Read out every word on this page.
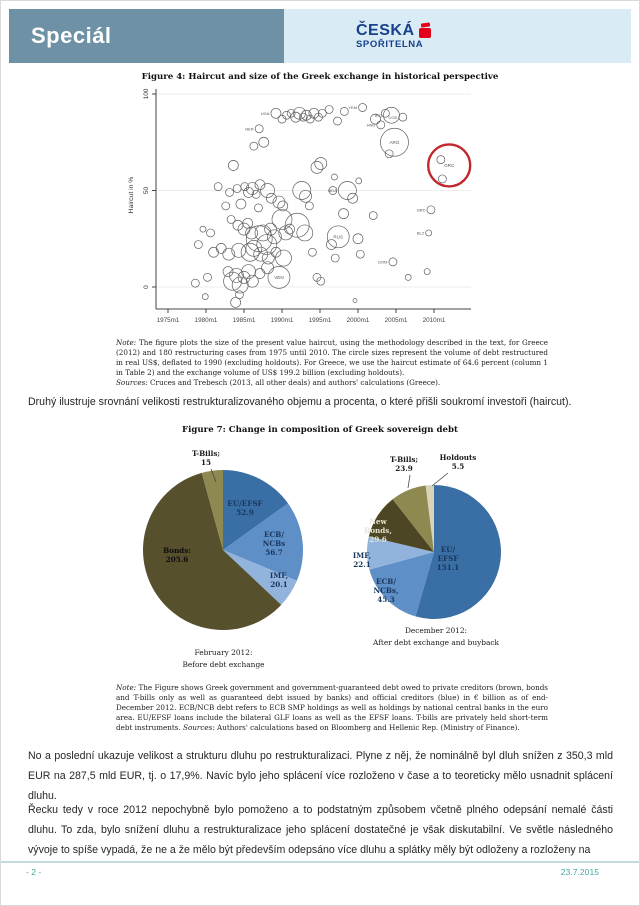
Speciál	ČESKÁ
SPOŘITELNA
Figure 4: Haircut and size of the Greek exchange in historical perspective
0
50
100
1975m1 1980m1 1985m1 1990m1 1995m1 2000m1 2005m1 2010m1
Haircut in %
NER
UGA
VEN
RUS
MDA
YEM
HND
IRQ
DOM
ARG
COD
BLZ
GRD
GRC
Note: The figure plots the size of the present value haircut, using the methodology described in the text, for Greece (2012) and 180 restructuring cases from 1975 until 2010. The circle sizes represent the volume of debt restructured in real US$, deflated to 1990 (excluding holdouts). For Greece, we use the haircut estimate of 64.6 percent (column 1 in Table 2) and the exchange volume of US$ 199.2 billion (excluding holdouts).
Sources: Cruces and Trebesch (2013, all other deals) and authors' calculations (Greece).
Druhý ilustruje srovnání velikosti restrukturalizovaného objemu a procenta, o které přišli soukromí investoři (haircut).
Figure 7: Change in composition of Greek sovereign debt
EU/EFSF
52.9
ECB/
NCBs
56.7
IMF,
20.1
Bonds:
205.6
T-Bills;
15
EU/
EFSF
151.1
ECB/
NCBs,
45.3
IMF,
22.1
New
Bonds,
29.6
T-Bills;
23.9
Holdouts
5.5
February 2012:
Before debt exchange
December 2012:
After debt exchange and buyback
Note: The Figure shows Greek government and government-guaranteed debt owed to private creditors (brown, bonds and T-bills only as well as guaranteed debt issued by banks) and official creditors (blue) in € billion as of end-December 2012. ECB/NCB debt refers to ECB SMP holdings as well as holdings by national central banks in the euro area. EU/EFSF loans include the bilateral GLF loans as well as the EFSF loans. T-bills are privately held short-term debt instruments. Sources: Authors' calculations based on Bloomberg and Hellenic Rep. (Ministry of Finance).
No a poslední ukazuje velikost a strukturu dluhu po restrukturalizaci. Plyne z něj, že nominálně byl dluh snížen z 350,3 mld EUR na 287,5 mld EUR, tj. o 17,9%. Navíc bylo jeho splácení více rozloženo v čase a to teoreticky mělo usnadnit splácení dluhu.
Řecku tedy v roce 2012 nepochybně bylo pomoženo a to podstatným způsobem včetně plného odepsání nemalé části dluhu. To zda, bylo snížení dluhu a restrukturalizace jeho splácení dostatečné je však diskutabilní. Ve světle následného vývoje to spíše vypadá, že ne a že mělo být především odepsáno více dluhu a splátky měly být odloženy a rozloženy na
- 2 -	23.7.2015
